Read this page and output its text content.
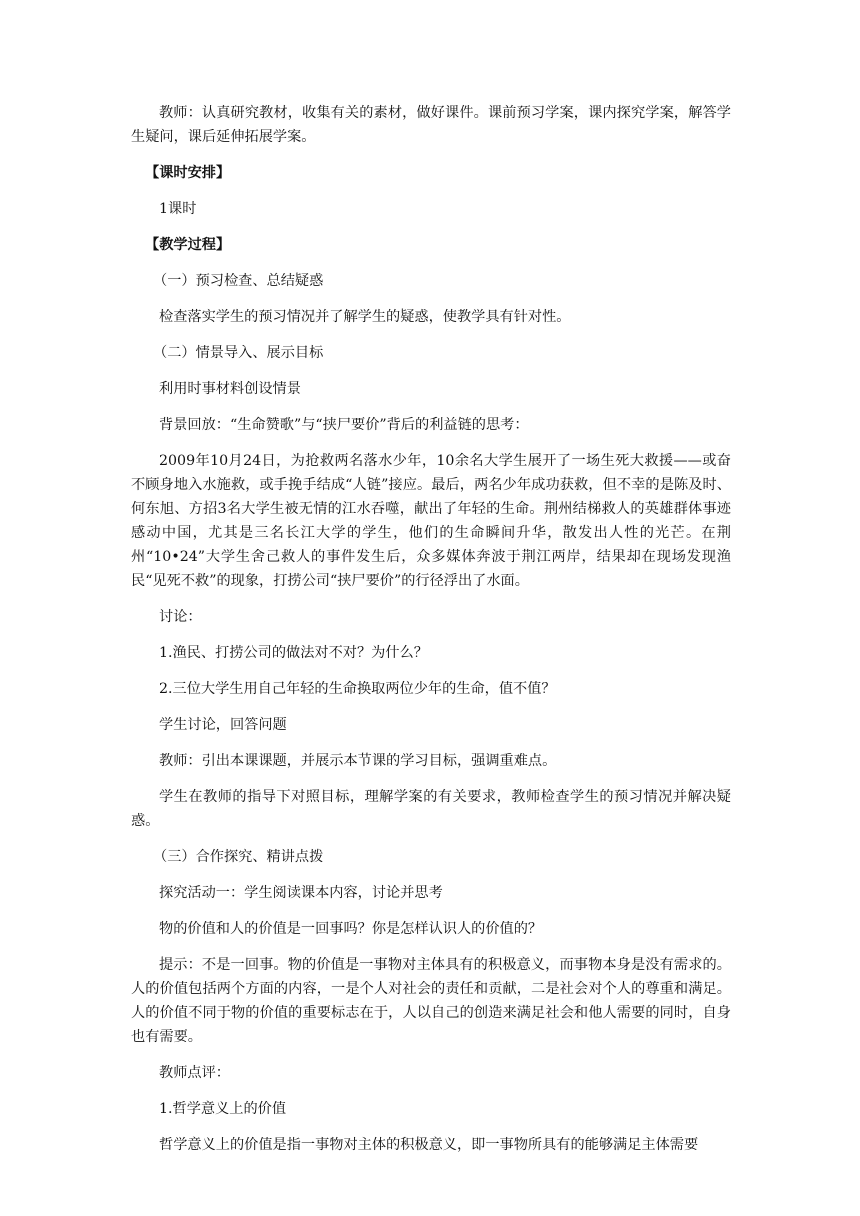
教师：认真研究教材，收集有关的素材，做好课件。课前预习学案，课内探究学案，解答学生疑问，课后延伸拓展学案。

【课时安排】

1课时

【教学过程】

（一）预习检查、总结疑惑

检查落实学生的预习情况并了解学生的疑惑，使教学具有针对性。

（二）情景导入、展示目标

利用时事材料创设情景

背景回放：“生命赞歌”与“挟尸要价”背后的利益链的思考：

2009年10月24日，为抢救两名落水少年，10余名大学生展开了一场生死大救援——或奋不顾身地入水施救，或手挽手结成“人链”接应。最后，两名少年成功获救，但不幸的是陈及时、何东旭、方招3名大学生被无情的江水吞噬，献出了年轻的生命。荆州结梯救人的英雄群体事迹感动中国，尤其是三名长江大学的学生，他们的生命瞬间升华，散发出人性的光芒。在荆州“10•24”大学生舍己救人的事件发生后，众多媒体奔波于荆江两岸，结果却在现场发现渔民“见死不救”的现象，打捞公司“挟尸要价”的行径浮出了水面。

讨论：

1.渔民、打捞公司的做法对不对？为什么？

2.三位大学生用自己年轻的生命换取两位少年的生命，值不值？

学生讨论，回答问题

教师：引出本课课题，并展示本节课的学习目标，强调重难点。

学生在教师的指导下对照目标，理解学案的有关要求，教师检查学生的预习情况并解决疑惑。

（三）合作探究、精讲点拨

探究活动一：学生阅读课本内容，讨论并思考

物的价值和人的价值是一回事吗？你是怎样认识人的价值的？

提示：不是一回事。物的价值是一事物对主体具有的积极意义，而事物本身是没有需求的。人的价值包括两个方面的内容，一是个人对社会的责任和贡献，二是社会对个人的尊重和满足。人的价值不同于物的价值的重要标志在于，人以自己的创造来满足社会和他人需要的同时，自身也有需要。

教师点评：

1.哲学意义上的价值

哲学意义上的价值是指一事物对主体的积极意义，即一事物所具有的能够满足主体需要
